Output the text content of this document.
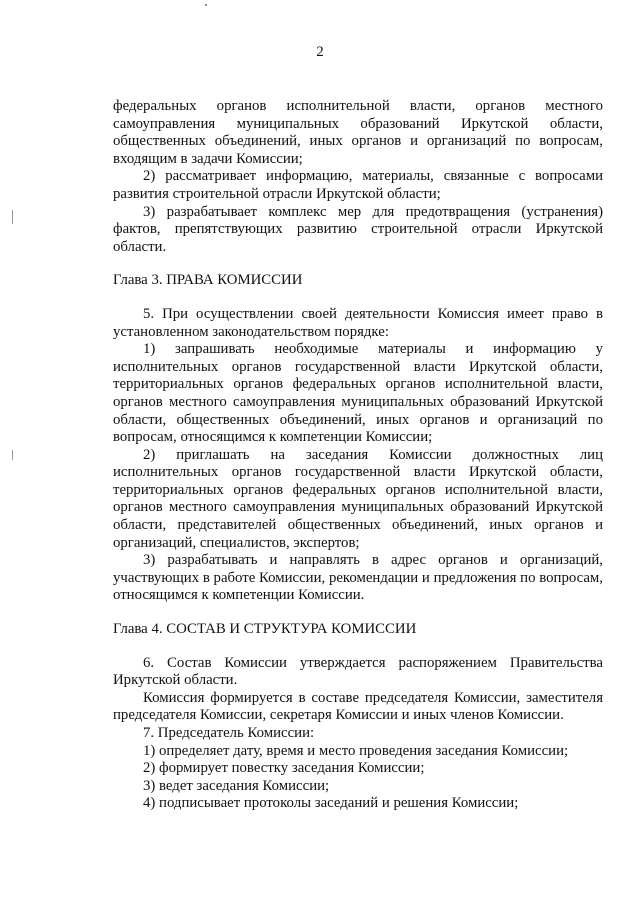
2

федеральных органов исполнительной власти, органов местного самоуправления муниципальных образований Иркутской области, общественных объединений, иных органов и организаций по вопросам, входящим в задачи Комиссии;

2) рассматривает информацию, материалы, связанные с вопросами развития строительной отрасли Иркутской области;

3) разрабатывает комплекс мер для предотвращения (устранения) фактов, препятствующих развитию строительной отрасли Иркутской области.

Глава 3. ПРАВА КОМИССИИ

5. При осуществлении своей деятельности Комиссия имеет право в установленном законодательством порядке:

1) запрашивать необходимые материалы и информацию у исполнительных органов государственной власти Иркутской области, территориальных органов федеральных органов исполнительной власти, органов местного самоуправления муниципальных образований Иркутской области, общественных объединений, иных органов и организаций по вопросам, относящимся к компетенции Комиссии;

2) приглашать на заседания Комиссии должностных лиц исполнительных органов государственной власти Иркутской области, территориальных органов федеральных органов исполнительной власти, органов местного самоуправления муниципальных образований Иркутской области, представителей общественных объединений, иных органов и организаций, специалистов, экспертов;

3) разрабатывать и направлять в адрес органов и организаций, участвующих в работе Комиссии, рекомендации и предложения по вопросам, относящимся к компетенции Комиссии.

Глава 4. СОСТАВ И СТРУКТУРА КОМИССИИ

6. Состав Комиссии утверждается распоряжением Правительства Иркутской области.

Комиссия формируется в составе председателя Комиссии, заместителя председателя Комиссии, секретаря Комиссии и иных членов Комиссии.

7. Председатель Комиссии:

1) определяет дату, время и место проведения заседания Комиссии;

2) формирует повестку заседания Комиссии;

3) ведет заседания Комиссии;

4) подписывает протоколы заседаний и решения Комиссии;
